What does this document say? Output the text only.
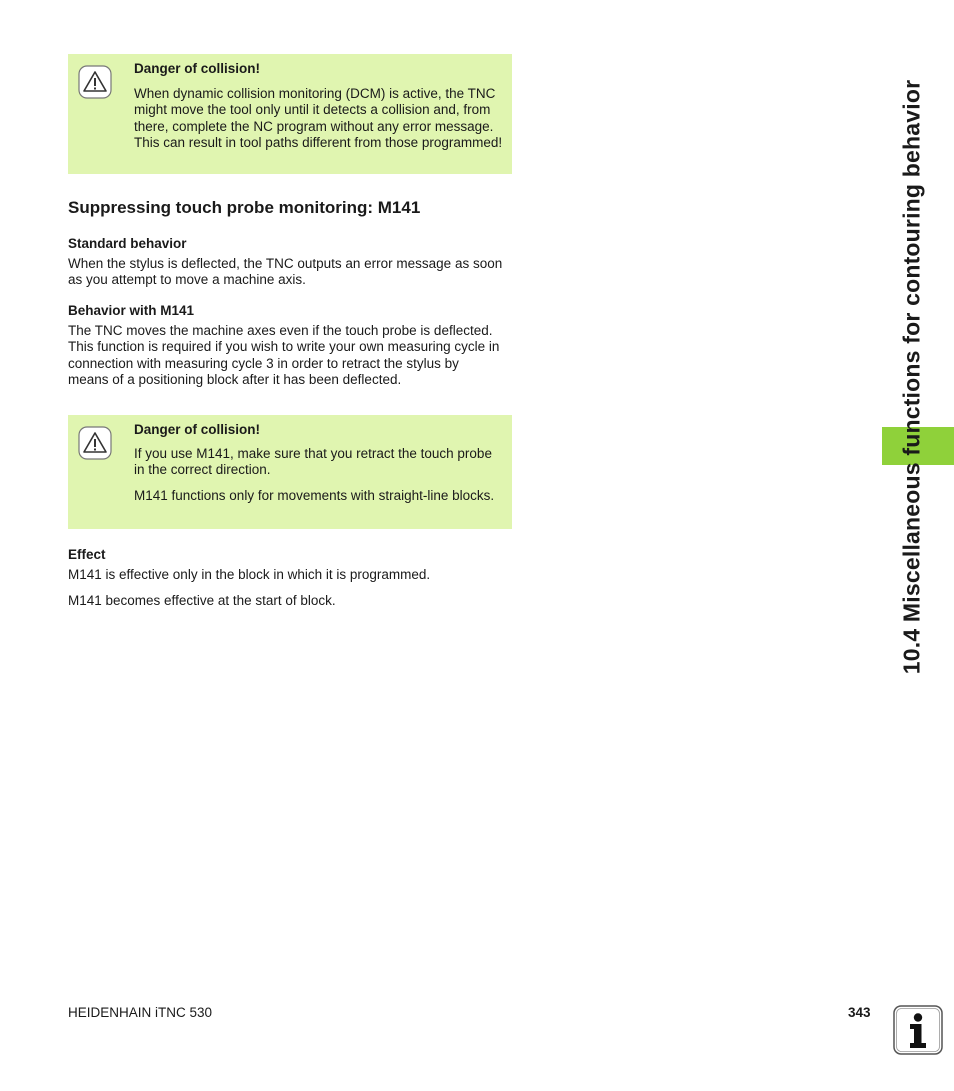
Danger of collision!

When dynamic collision monitoring (DCM) is active, the TNC might move the tool only until it detects a collision and, from there, complete the NC program without any error message. This can result in tool paths different from those programmed!

Suppressing touch probe monitoring: M141
Standard behavior

When the stylus is deflected, the TNC outputs an error message as soon as you attempt to move a machine axis.

Behavior with M141

The TNC moves the machine axes even if the touch probe is deflected. This function is required if you wish to write your own measuring cycle in connection with measuring cycle 3 in order to retract the stylus by means of a positioning block after it has been deflected.

Danger of collision!

If you use M141, make sure that you retract the touch probe in the correct direction.

M141 functions only for movements with straight-line blocks.

Effect

M141 is effective only in the block in which it is programmed.

M141 becomes effective at the start of block.	10.4 Miscellaneous functions for contouring behavior
HEIDENHAIN iTNC 530	343
